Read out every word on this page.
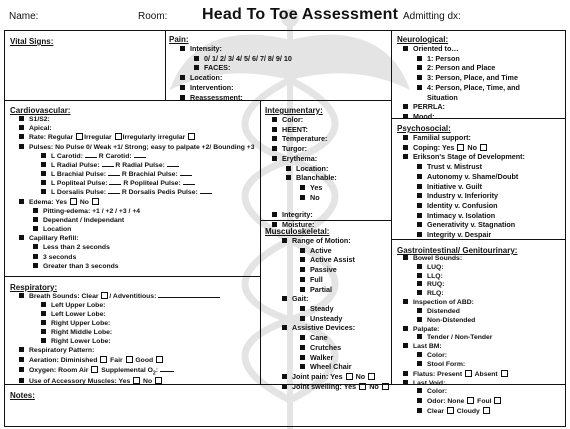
Name:	Room: Head To Toe Assessment Admitting dx:
Vital Signs:	Pain:
Intensity:
0/ 1/ 2/ 3/ 4/ 5/ 6/ 7/ 8/ 9/ 10
FACES:
Location:
Intervention:
Reassessment:
Neurological:
Oriented to…
1: Person
2: Person and Place
3: Person, Place, and Time
4: Person, Place, Time, and
Situation
PERRLA:
Mood:
Cardiovascular:
S1/S2:
Apical:
Rate: Regular Irregular Irregularly irregular
Pulses: No Pulse 0/ Weak +1/ Strong; easy to palpate +2/ Bounding +3
L Carotid: R Carotid:
L Radial Pulse: R Radial Pulse:
L Brachial Pulse: R Brachial Pulse:
L Popliteal Pulse: R Popliteal Pulse:
L Dorsalis Pulse: R Dorsalis Pedis Pulse:
Edema: Yes No
Pitting-edema: +1 / +2 / +3 / +4
Dependant / Independant
Location
Capillary Refill:
Less than 2 seconds
3 seconds
Greater than 3 seconds
Integumentary:
Color:
HEENT:
Temperature:
Turgor:
Erythema:
Location:
Blanchable:
Yes
No
Integrity:
Moisture:
Psychosocial:
Familial support:
Coping: Yes No
Erikson's Stage of Development:
Trust v. Mistrust
Autonomy v. Shame/Doubt
Initiative v. Guilt
Industry v. Inferiority
Identity v. Confusion
Intimacy v. Isolation
Generativity v. Stagnation
Integrity v. Despair
Musculoskeletal:
Range of Motion:
Active
Active Assist
Passive
Full
Partial
Gait:
Steady
Unsteady
Assistive Devices:
Cane
Crutches
Walker
Wheel Chair
Joint pain: Yes No
Joint swelling: Yes No
Gastrointestinal/ Genitourinary:
Bowel Sounds:
LUQ:
LLQ:
RUQ:
RLQ:
Inspection of ABD:
Distended
Non-Distended
Palpate:
Tender / Non-Tender
Last BM:
Color:
Stool Form:
Flatus: Present Absent
Last Void:
Color:
Odor: None Foul
Clear Cloudy
Respiratory:
Breath Sounds: Clear / Adventitious:
Left Upper Lobe:
Left Lower Lobe:
Right Upper Lobe:
Right Middle Lobe:
Right Lower Lobe:
Respiratory Pattern:
Aeration: Diminished Fair Good
Oxygen: Room Air Supplemental $O_2$:
Use of Accessory Muscles: Yes No
Notes:
